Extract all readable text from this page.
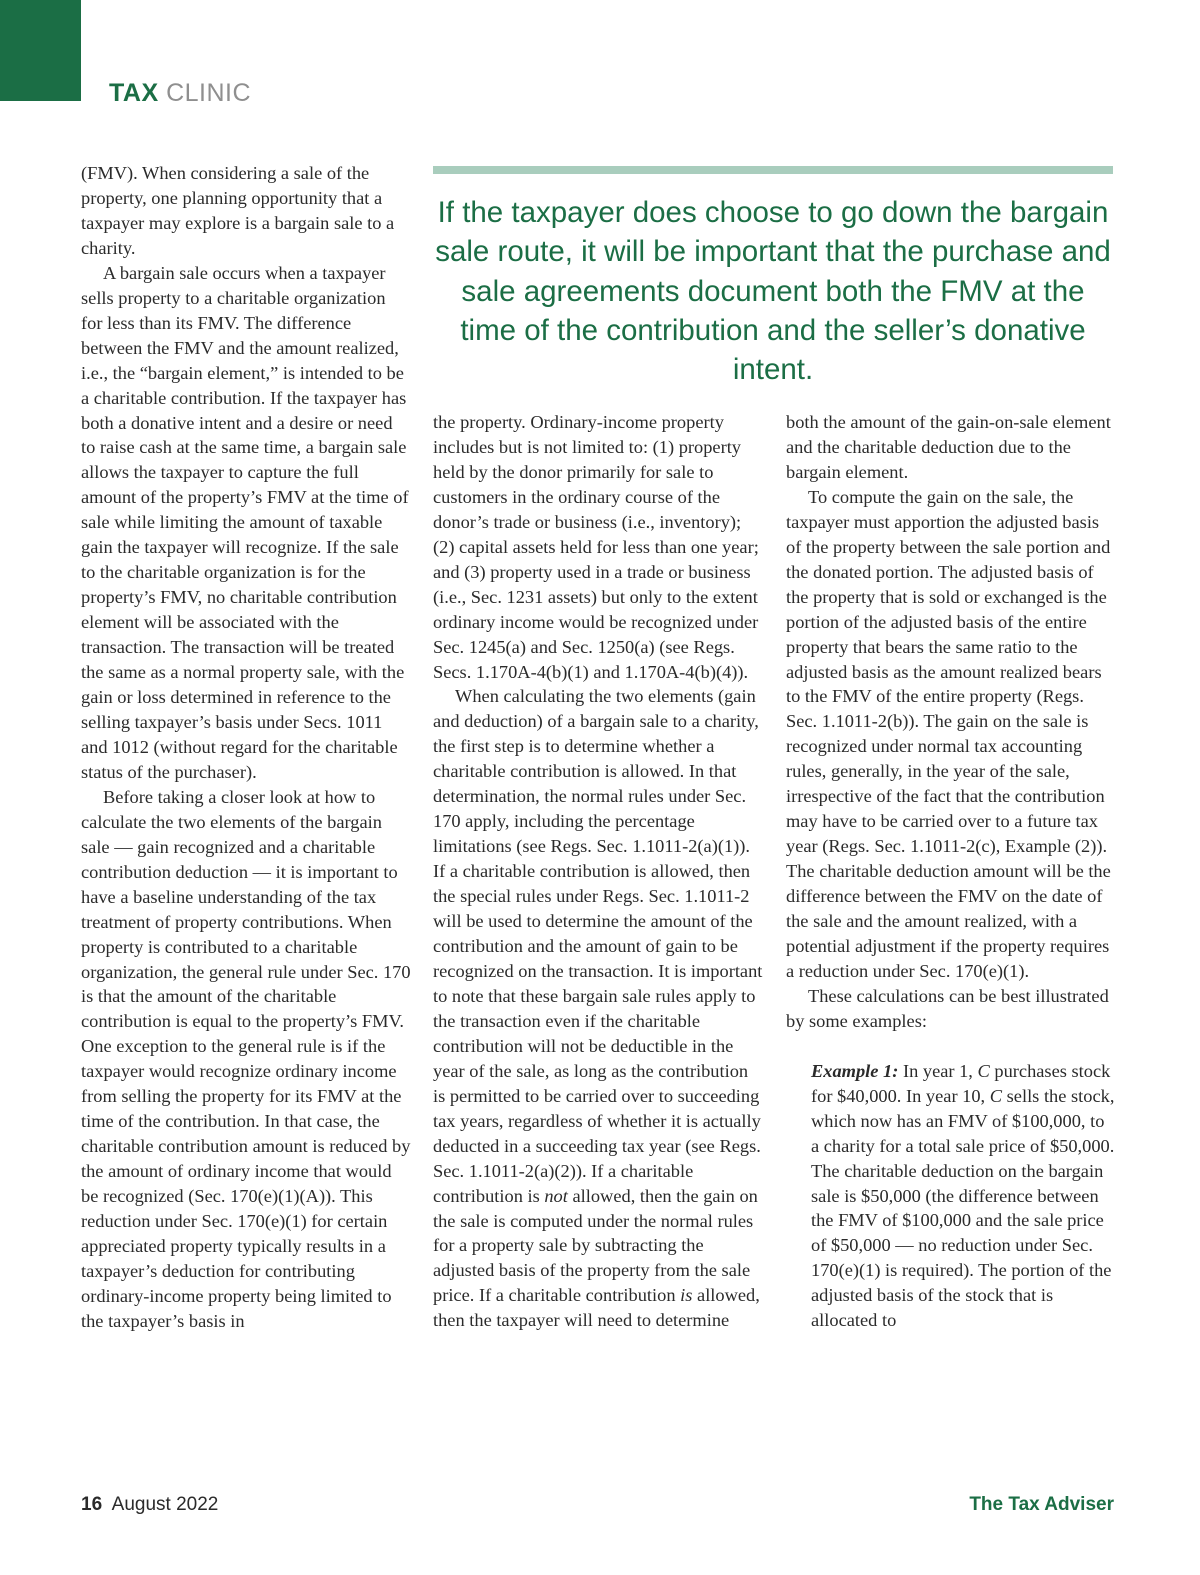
TAX CLINIC

(FMV). When considering a sale of the property, one planning opportunity that a taxpayer may explore is a bargain sale to a charity.

A bargain sale occurs when a taxpayer sells property to a charitable organization for less than its FMV. The difference between the FMV and the amount realized, i.e., the “bargain element,” is intended to be a charitable contribution. If the taxpayer has both a donative intent and a desire or need to raise cash at the same time, a bargain sale allows the taxpayer to capture the full amount of the property’s FMV at the time of sale while limiting the amount of taxable gain the taxpayer will recognize. If the sale to the charitable organization is for the property’s FMV, no charitable contribution element will be associated with the transaction. The transaction will be treated the same as a normal property sale, with the gain or loss determined in reference to the selling taxpayer’s basis under Secs. 1011 and 1012 (without regard for the charitable status of the purchaser).

Before taking a closer look at how to calculate the two elements of the bargain sale — gain recognized and a charitable contribution deduction — it is important to have a baseline understanding of the tax treatment of property contributions. When property is contributed to a charitable organization, the general rule under Sec. 170 is that the amount of the charitable contribution is equal to the property’s FMV. One exception to the general rule is if the taxpayer would recognize ordinary income from selling the property for its FMV at the time of the contribution. In that case, the charitable contribution amount is reduced by the amount of ordinary income that would be recognized (Sec. 170(e)(1)(A)). This reduction under Sec. 170(e)(1) for certain appreciated property typically results in a taxpayer’s deduction for contributing ordinary-income property being limited to the taxpayer’s basis in

If the taxpayer does choose to go down the bargain sale route, it will be important that the purchase and sale agreements document both the FMV at the time of the contribution and the seller’s donative intent.

the property. Ordinary-income property includes but is not limited to: (1) property held by the donor primarily for sale to customers in the ordinary course of the donor’s trade or business (i.e., inventory); (2) capital assets held for less than one year; and (3) property used in a trade or business (i.e., Sec. 1231 assets) but only to the extent ordinary income would be recognized under Sec. 1245(a) and Sec. 1250(a) (see Regs. Secs. 1.170A-4(b)(1) and 1.170A-4(b)(4)).

When calculating the two elements (gain and deduction) of a bargain sale to a charity, the first step is to determine whether a charitable contribution is allowed. In that determination, the normal rules under Sec. 170 apply, including the percentage limitations (see Regs. Sec. 1.1011-2(a)(1)). If a charitable contribution is allowed, then the special rules under Regs. Sec. 1.1011-2 will be used to determine the amount of the contribution and the amount of gain to be recognized on the transaction. It is important to note that these bargain sale rules apply to the transaction even if the charitable contribution will not be deductible in the year of the sale, as long as the contribution is permitted to be carried over to succeeding tax years, regardless of whether it is actually deducted in a succeeding tax year (see Regs. Sec. 1.1011-2(a)(2)). If a charitable contribution is not allowed, then the gain on the sale is computed under the normal rules for a property sale by subtracting the adjusted basis of the property from the sale price. If a charitable contribution is allowed, then the taxpayer will need to determine

both the amount of the gain-on-sale element and the charitable deduction due to the bargain element.

To compute the gain on the sale, the taxpayer must apportion the adjusted basis of the property between the sale portion and the donated portion. The adjusted basis of the property that is sold or exchanged is the portion of the adjusted basis of the entire property that bears the same ratio to the adjusted basis as the amount realized bears to the FMV of the entire property (Regs. Sec. 1.1011-2(b)). The gain on the sale is recognized under normal tax accounting rules, generally, in the year of the sale, irrespective of the fact that the contribution may have to be carried over to a future tax year (Regs. Sec. 1.1011-2(c), Example (2)). The charitable deduction amount will be the difference between the FMV on the date of the sale and the amount realized, with a potential adjustment if the property requires a reduction under Sec. 170(e)(1).

These calculations can be best illustrated by some examples:

Example 1: In year 1, C purchases stock for $40,000. In year 10, C sells the stock, which now has an FMV of $100,000, to a charity for a total sale price of $50,000. The charitable deduction on the bargain sale is $50,000 (the difference between the FMV of $100,000 and the sale price of $50,000 — no reduction under Sec. 170(e)(1) is required). The portion of the adjusted basis of the stock that is allocated to

16 August 2022	The Tax Adviser
